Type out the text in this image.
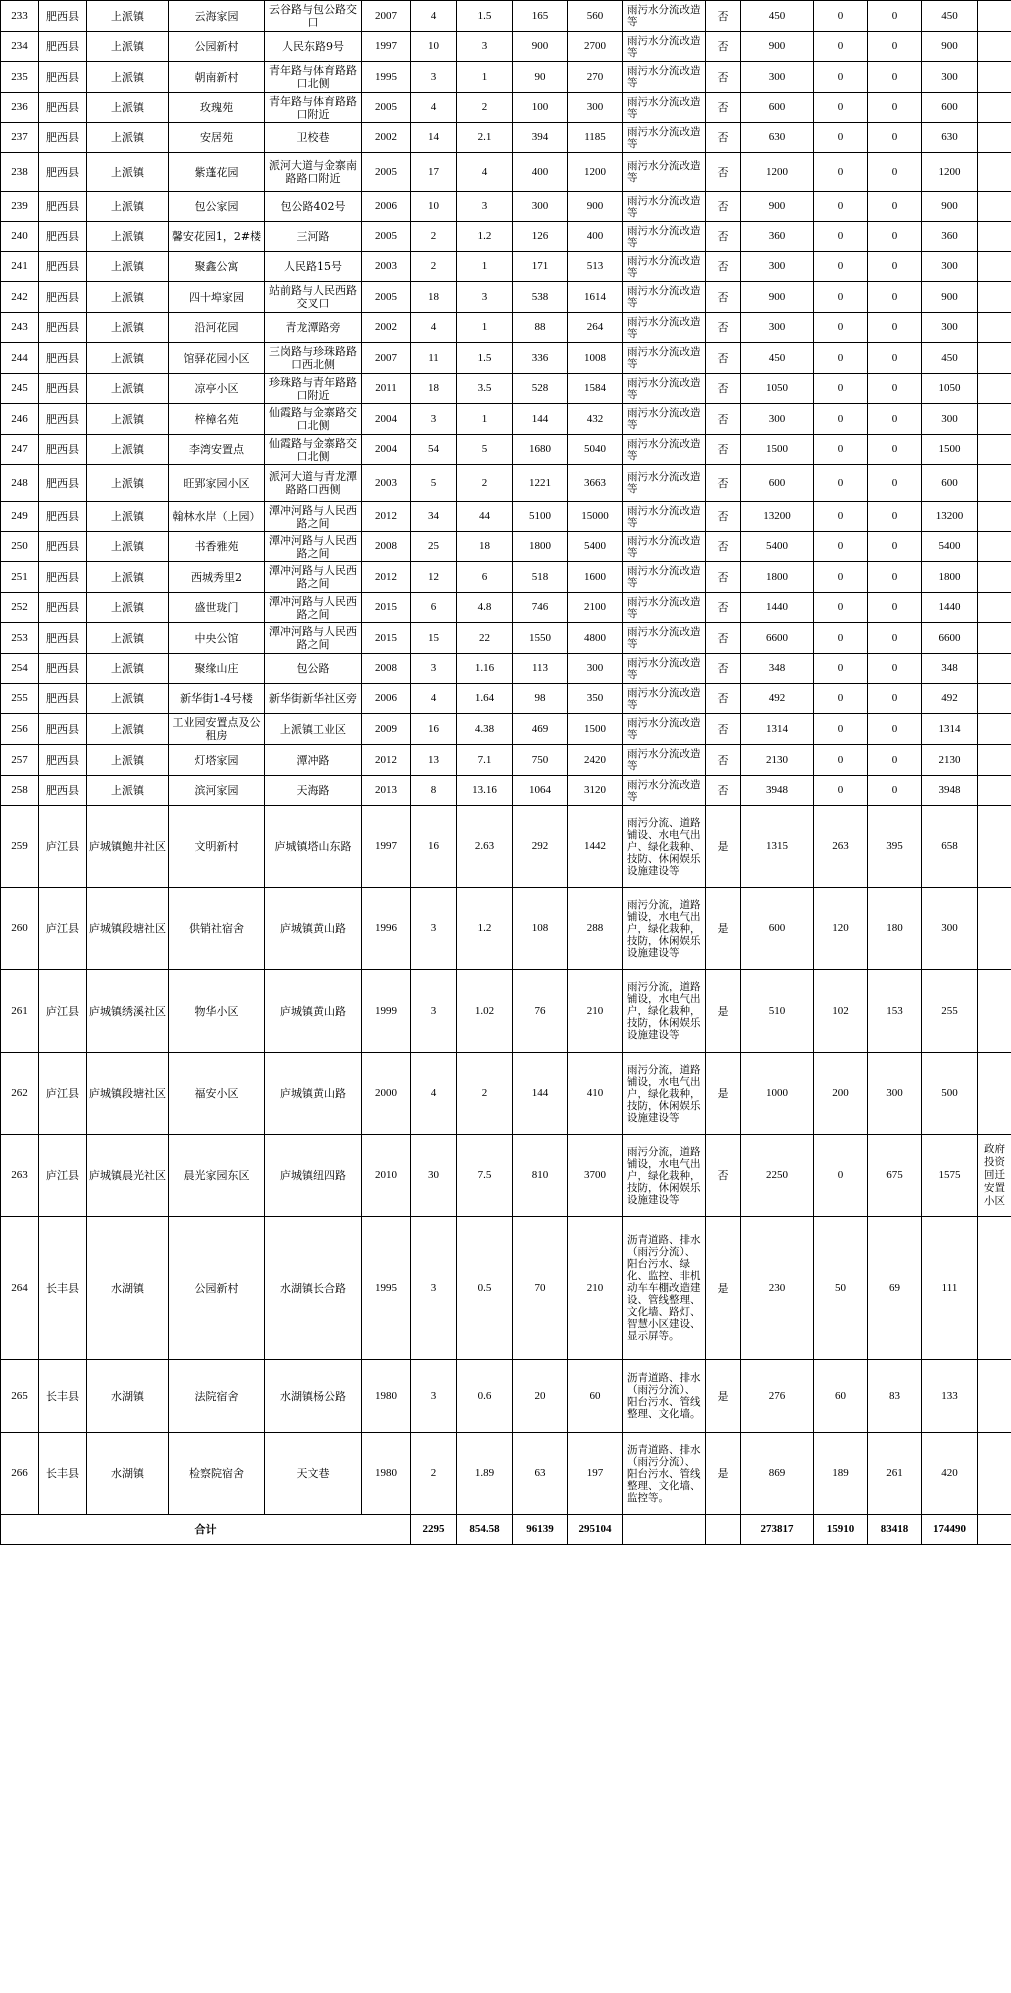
233	肥西县	上派镇	云海家园	云谷路与包公路交口	2007	4	1.5	165	560	雨污水分流改造等	否	450	0	0	450	
234	肥西县	上派镇	公园新村	人民东路9号	1997	10	3	900	2700	雨污水分流改造等	否	900	0	0	900	
235	肥西县	上派镇	朝南新村	青年路与体育路路口北侧	1995	3	1	90	270	雨污水分流改造等	否	300	0	0	300	
236	肥西县	上派镇	玫瑰苑	青年路与体育路路口附近	2005	4	2	100	300	雨污水分流改造等	否	600	0	0	600	
237	肥西县	上派镇	安居苑	卫校巷	2002	14	2.1	394	1185	雨污水分流改造等	否	630	0	0	630	
238	肥西县	上派镇	紫蓬花园	派河大道与金寨南路路口附近	2005	17	4	400	1200	雨污水分流改造等	否	1200	0	0	1200	
239	肥西县	上派镇	包公家园	包公路402号	2006	10	3	300	900	雨污水分流改造等	否	900	0	0	900	
240	肥西县	上派镇	馨安花园1，2#楼	三河路	2005	2	1.2	126	400	雨污水分流改造等	否	360	0	0	360	
241	肥西县	上派镇	聚鑫公寓	人民路15号	2003	2	1	171	513	雨污水分流改造等	否	300	0	0	300	
242	肥西县	上派镇	四十埠家园	站前路与人民西路交叉口	2005	18	3	538	1614	雨污水分流改造等	否	900	0	0	900	
243	肥西县	上派镇	沿河花园	青龙潭路旁	2002	4	1	88	264	雨污水分流改造等	否	300	0	0	300	
244	肥西县	上派镇	馆驿花园小区	三岗路与珍珠路路口西北侧	2007	11	1.5	336	1008	雨污水分流改造等	否	450	0	0	450	
245	肥西县	上派镇	凉亭小区	珍珠路与青年路路口附近	2011	18	3.5	528	1584	雨污水分流改造等	否	1050	0	0	1050	
246	肥西县	上派镇	梓樟名苑	仙霞路与金寨路交口北侧	2004	3	1	144	432	雨污水分流改造等	否	300	0	0	300	
247	肥西县	上派镇	李湾安置点	仙霞路与金寨路交口北侧	2004	54	5	1680	5040	雨污水分流改造等	否	1500	0	0	1500	
248	肥西县	上派镇	旺郢家园小区	派河大道与青龙潭路路口西侧	2003	5	2	1221	3663	雨污水分流改造等	否	600	0	0	600	
249	肥西县	上派镇	翰林水岸（上园）	潭冲河路与人民西路之间	2012	34	44	5100	15000	雨污水分流改造等	否	13200	0	0	13200	
250	肥西县	上派镇	书香雅苑	潭冲河路与人民西路之间	2008	25	18	1800	5400	雨污水分流改造等	否	5400	0	0	5400	
251	肥西县	上派镇	西城秀里2	潭冲河路与人民西路之间	2012	12	6	518	1600	雨污水分流改造等	否	1800	0	0	1800	
252	肥西县	上派镇	盛世珑门	潭冲河路与人民西路之间	2015	6	4.8	746	2100	雨污水分流改造等	否	1440	0	0	1440	
253	肥西县	上派镇	中央公馆	潭冲河路与人民西路之间	2015	15	22	1550	4800	雨污水分流改造等	否	6600	0	0	6600	
254	肥西县	上派镇	聚缘山庄	包公路	2008	3	1.16	113	300	雨污水分流改造等	否	348	0	0	348	
255	肥西县	上派镇	新华街1-4号楼	新华街新华社区旁	2006	4	1.64	98	350	雨污水分流改造等	否	492	0	0	492	
256	肥西县	上派镇	工业园安置点及公租房	上派镇工业区	2009	16	4.38	469	1500	雨污水分流改造等	否	1314	0	0	1314	
257	肥西县	上派镇	灯塔家园	潭冲路	2012	13	7.1	750	2420	雨污水分流改造等	否	2130	0	0	2130	
258	肥西县	上派镇	滨河家园	天海路	2013	8	13.16	1064	3120	雨污水分流改造等	否	3948	0	0	3948	
259	庐江县	庐城镇鲍井社区	文明新村	庐城镇塔山东路	1997	16	2.63	292	1442	雨污分流、道路铺设、水电气出户、绿化栽种、技防、休闲娱乐设施建设等	是	1315	263	395	658	
260	庐江县	庐城镇段塘社区	供销社宿舍	庐城镇黄山路	1996	3	1.2	108	288	雨污分流，道路铺设，水电气出户，绿化栽种，技防，休闲娱乐设施建设等	是	600	120	180	300	
261	庐江县	庐城镇绣溪社区	物华小区	庐城镇黄山路	1999	3	1.02	76	210	雨污分流，道路铺设，水电气出户，绿化栽种，技防，休闲娱乐设施建设等	是	510	102	153	255	
262	庐江县	庐城镇段塘社区	福安小区	庐城镇黄山路	2000	4	2	144	410	雨污分流，道路铺设，水电气出户，绿化栽种，技防，休闲娱乐设施建设等	是	1000	200	300	500	
263	庐江县	庐城镇晨光社区	晨光家园东区	庐城镇纽四路	2010	30	7.5	810	3700	雨污分流，道路铺设，水电气出户，绿化栽种，技防，休闲娱乐设施建设等	否	2250	0	675	1575	政府投资回迁安置小区
264	长丰县	水湖镇	公园新村	水湖镇长合路	1995	3	0.5	70	210	沥青道路、排水（雨污分流）、阳台污水、绿化、监控、非机动车车棚改造建设、管线整理、文化墙、路灯、智慧小区建设、显示屏等。	是	230	50	69	111	
265	长丰县	水湖镇	法院宿舍	水湖镇杨公路	1980	3	0.6	20	60	沥青道路、排水（雨污分流）、阳台污水、管线整理、文化墙。	是	276	60	83	133	
266	长丰县	水湖镇	检察院宿舍	天文巷	1980	2	1.89	63	197	沥青道路、排水（雨污分流）、阳台污水、管线整理、文化墙、监控等。	是	869	189	261	420	
合计						2295	854.58	96139	295104			273817	15910	83418	174490	
